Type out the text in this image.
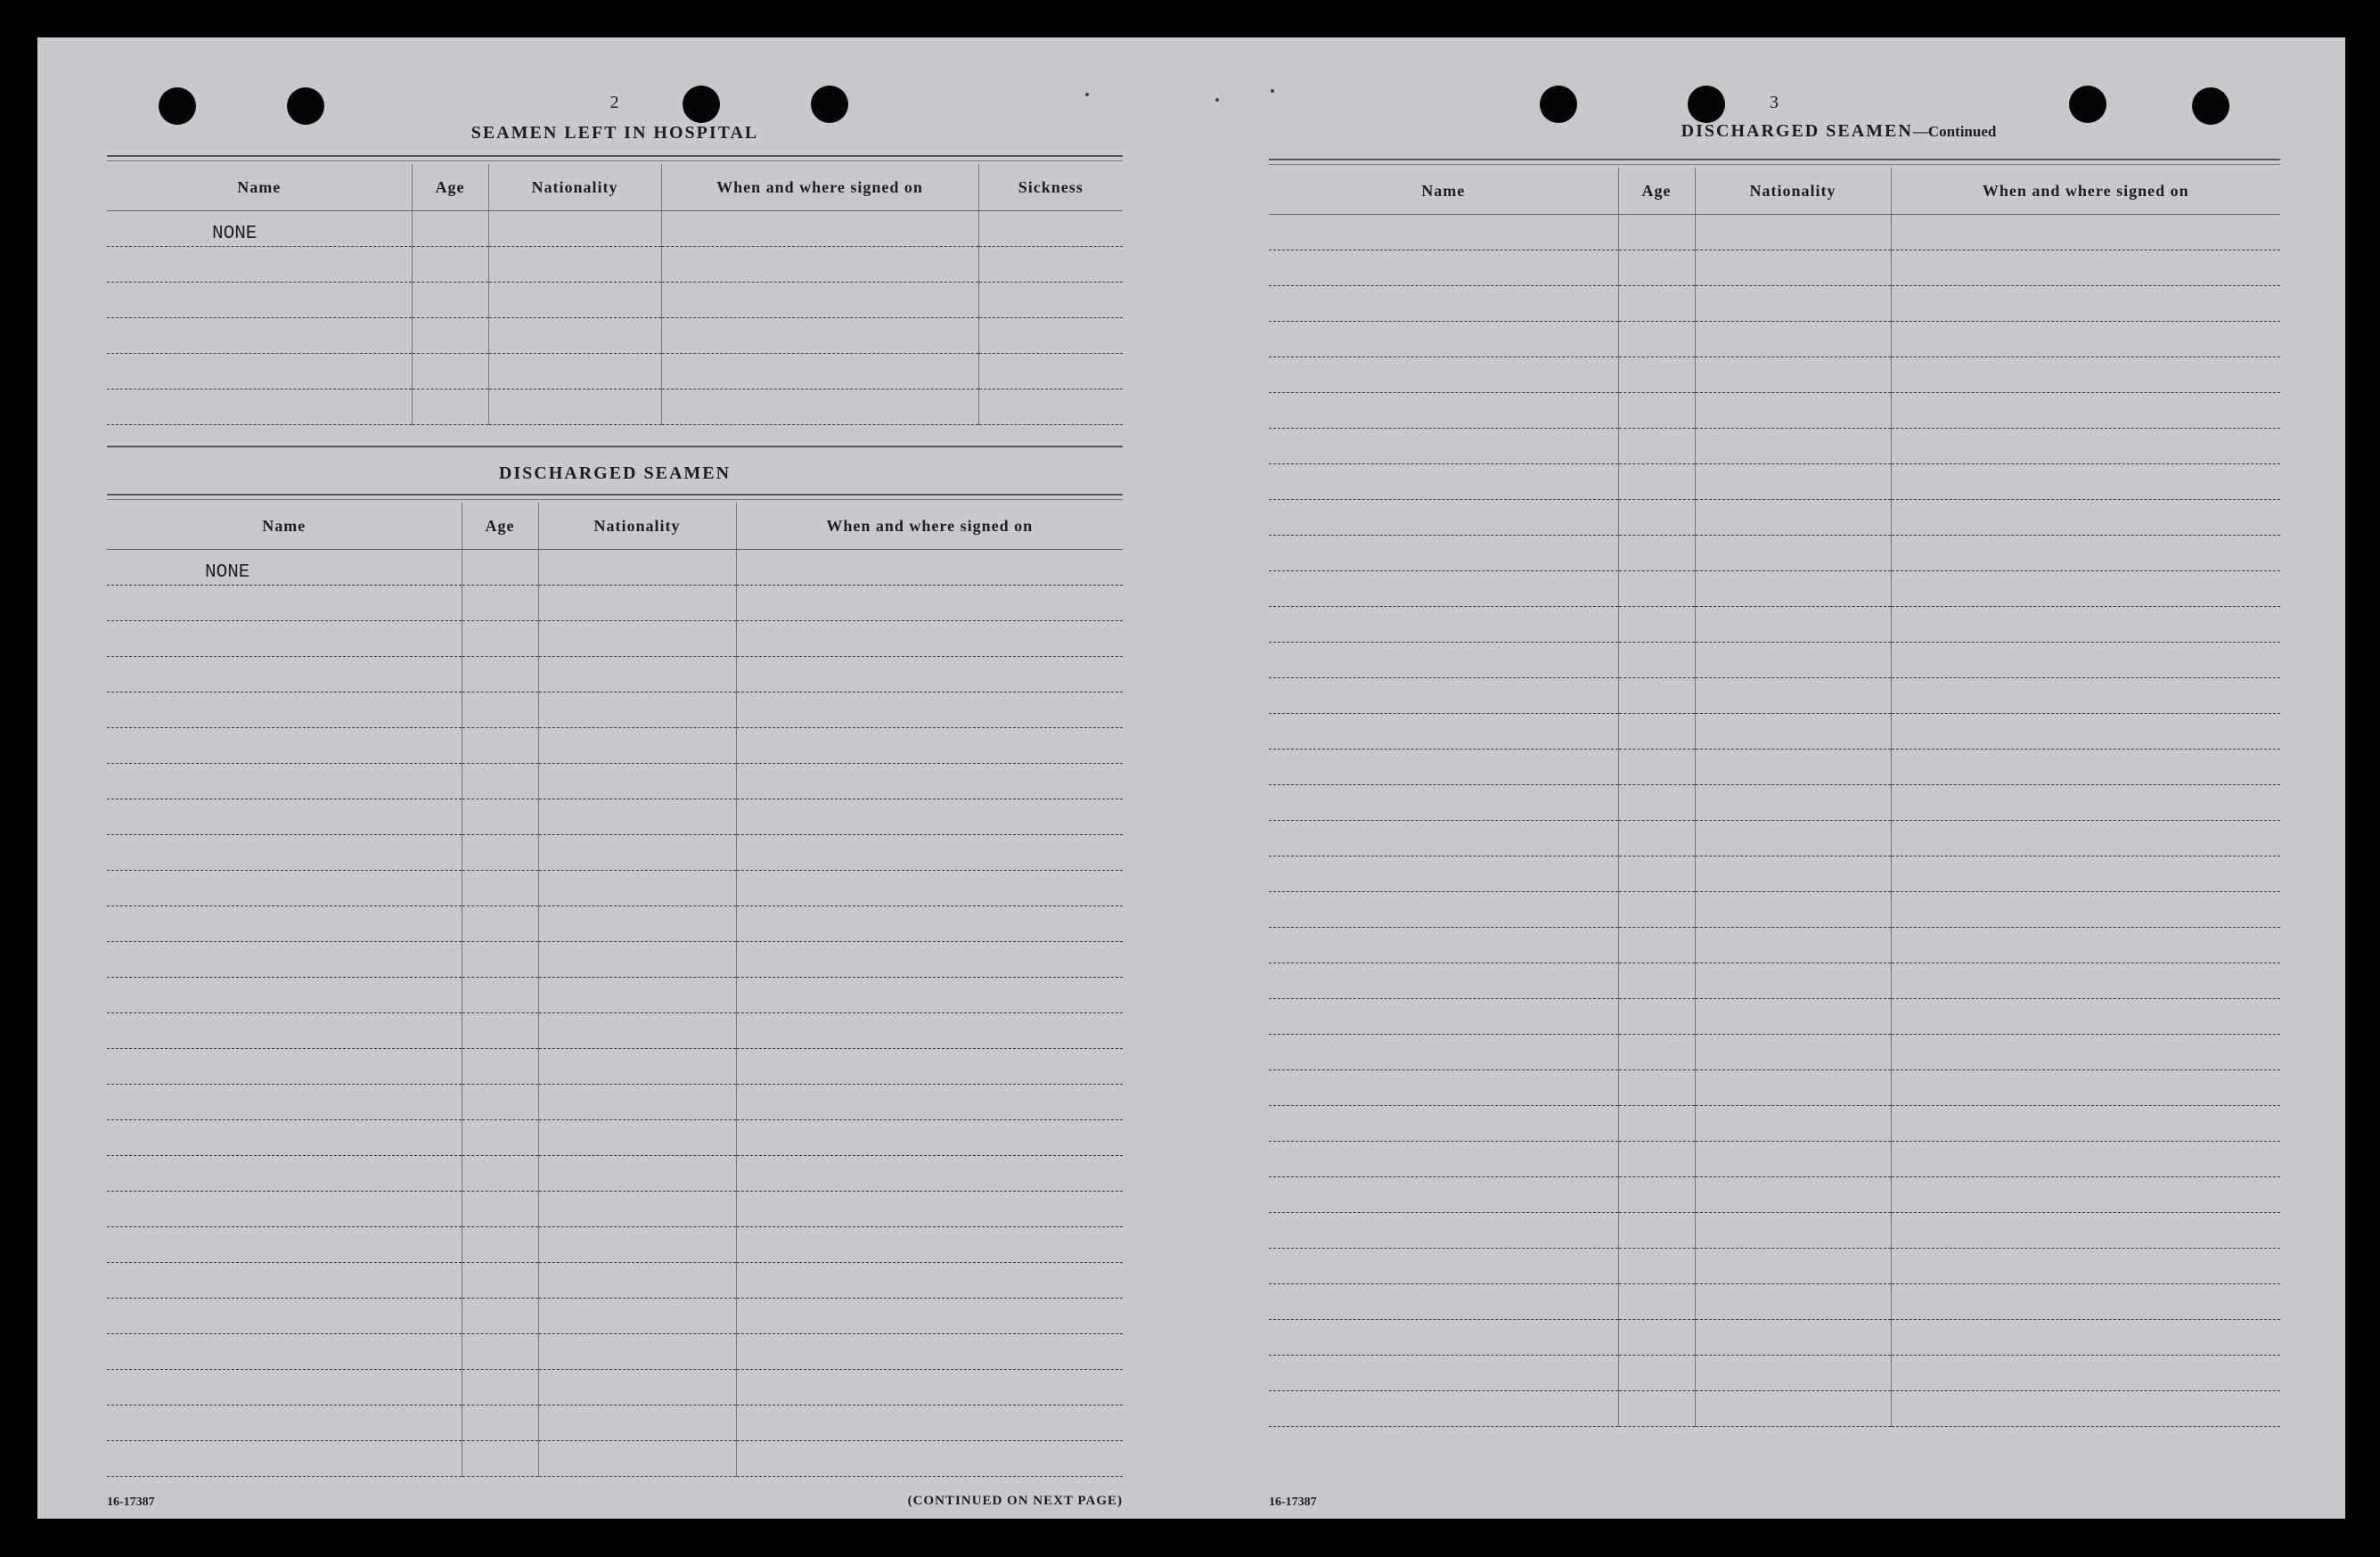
2
SEAMEN LEFT IN HOSPITAL
Name	Age	Nationality	When and where signed on	Sickness
NONE				

DISCHARGED SEAMEN
Name	Age	Nationality	When and where signed on
NONE			

16-17387	(CONTINUED ON NEXT PAGE)
3
DISCHARGED SEAMEN—Continued
Name	Age	Nationality	When and where signed on

16-17387
